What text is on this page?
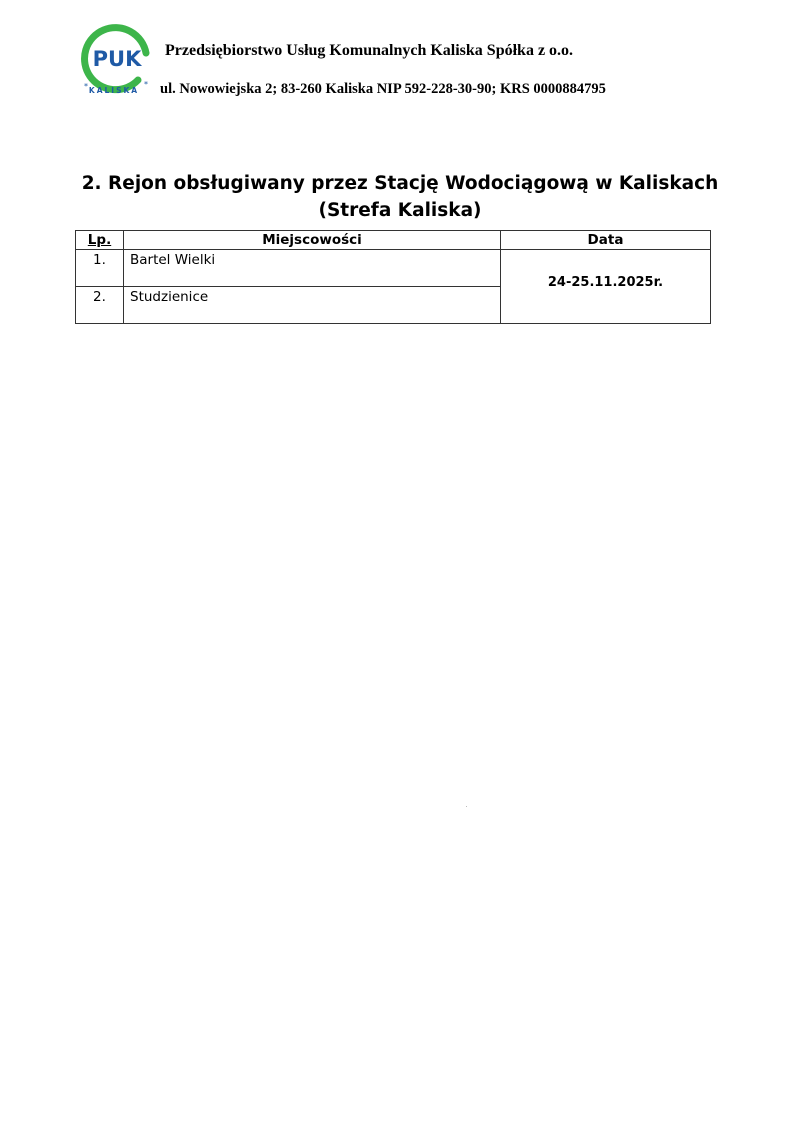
PUK
KALISKA
*	*
Przedsiębiorstwo Usług Komunalnych Kaliska Spółka z o.o.
ul. Nowowiejska 2; 83-260 Kaliska NIP 592-228-30-90; KRS 0000884795
2. Rejon obsługiwany przez Stację Wodociągową w Kaliskach
(Strefa Kaliska)
Lp.	Miejscowości	Data
1.	Bartel Wielki	24-25.11.2025r.
2.	Studzienice	
